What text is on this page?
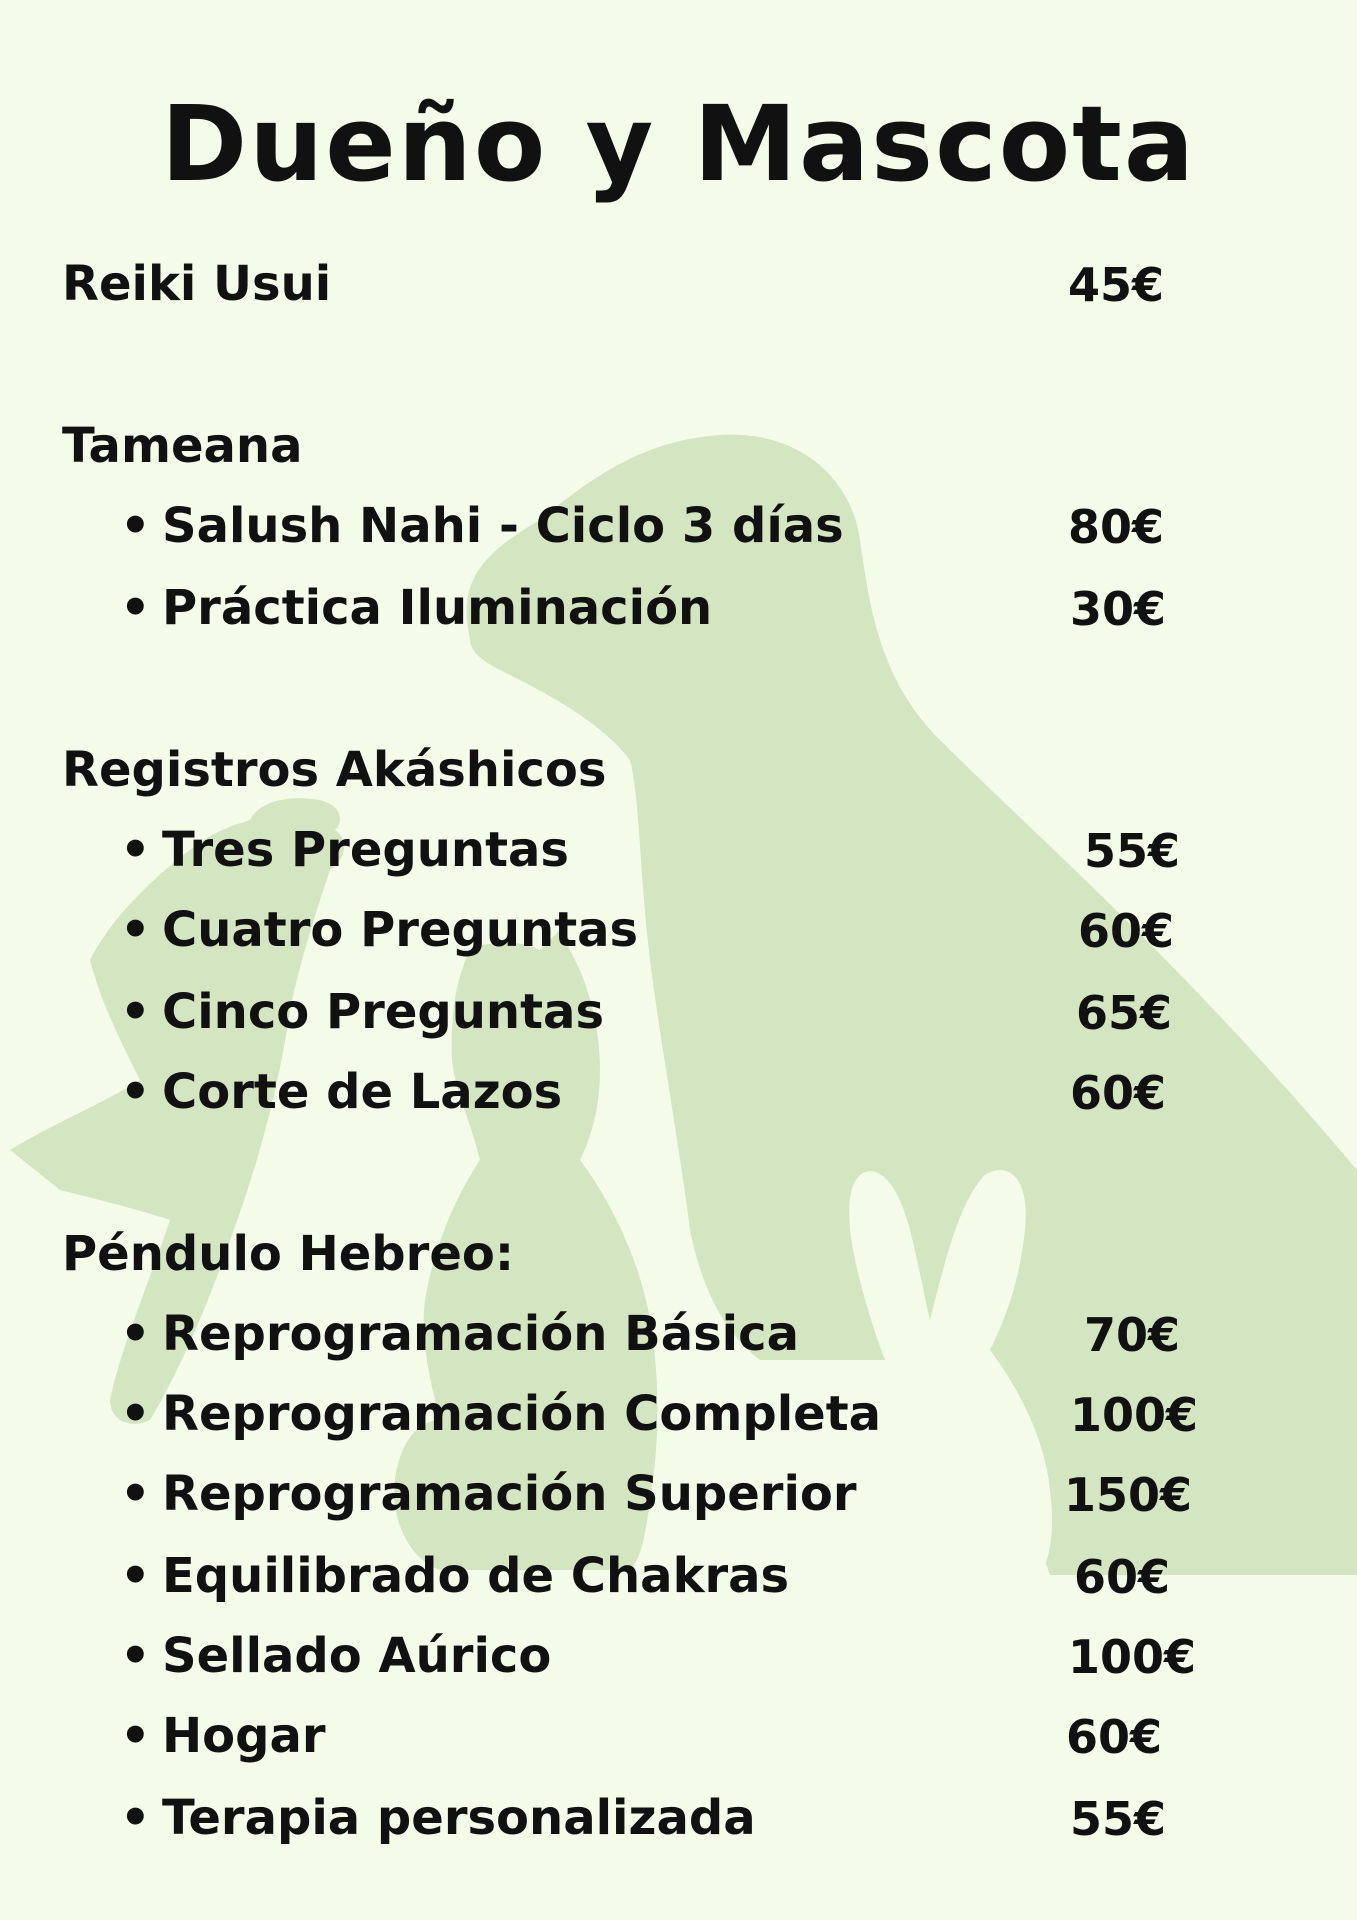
Dueño y Mascota
Reiki Usui	45€
Tameana
• Salush Nahi - Ciclo 3 días	80€
• Práctica Iluminación	30€
Registros Akáshicos
• Tres Preguntas	55€
• Cuatro Preguntas	60€
• Cinco Preguntas	65€
• Corte de Lazos	60€
Péndulo Hebreo:
• Reprogramación Básica	70€
• Reprogramación Completa	100€
• Reprogramación Superior	150€
• Equilibrado de Chakras	60€
• Sellado Aúrico	100€
• Hogar	60€
• Terapia personalizada	55€
